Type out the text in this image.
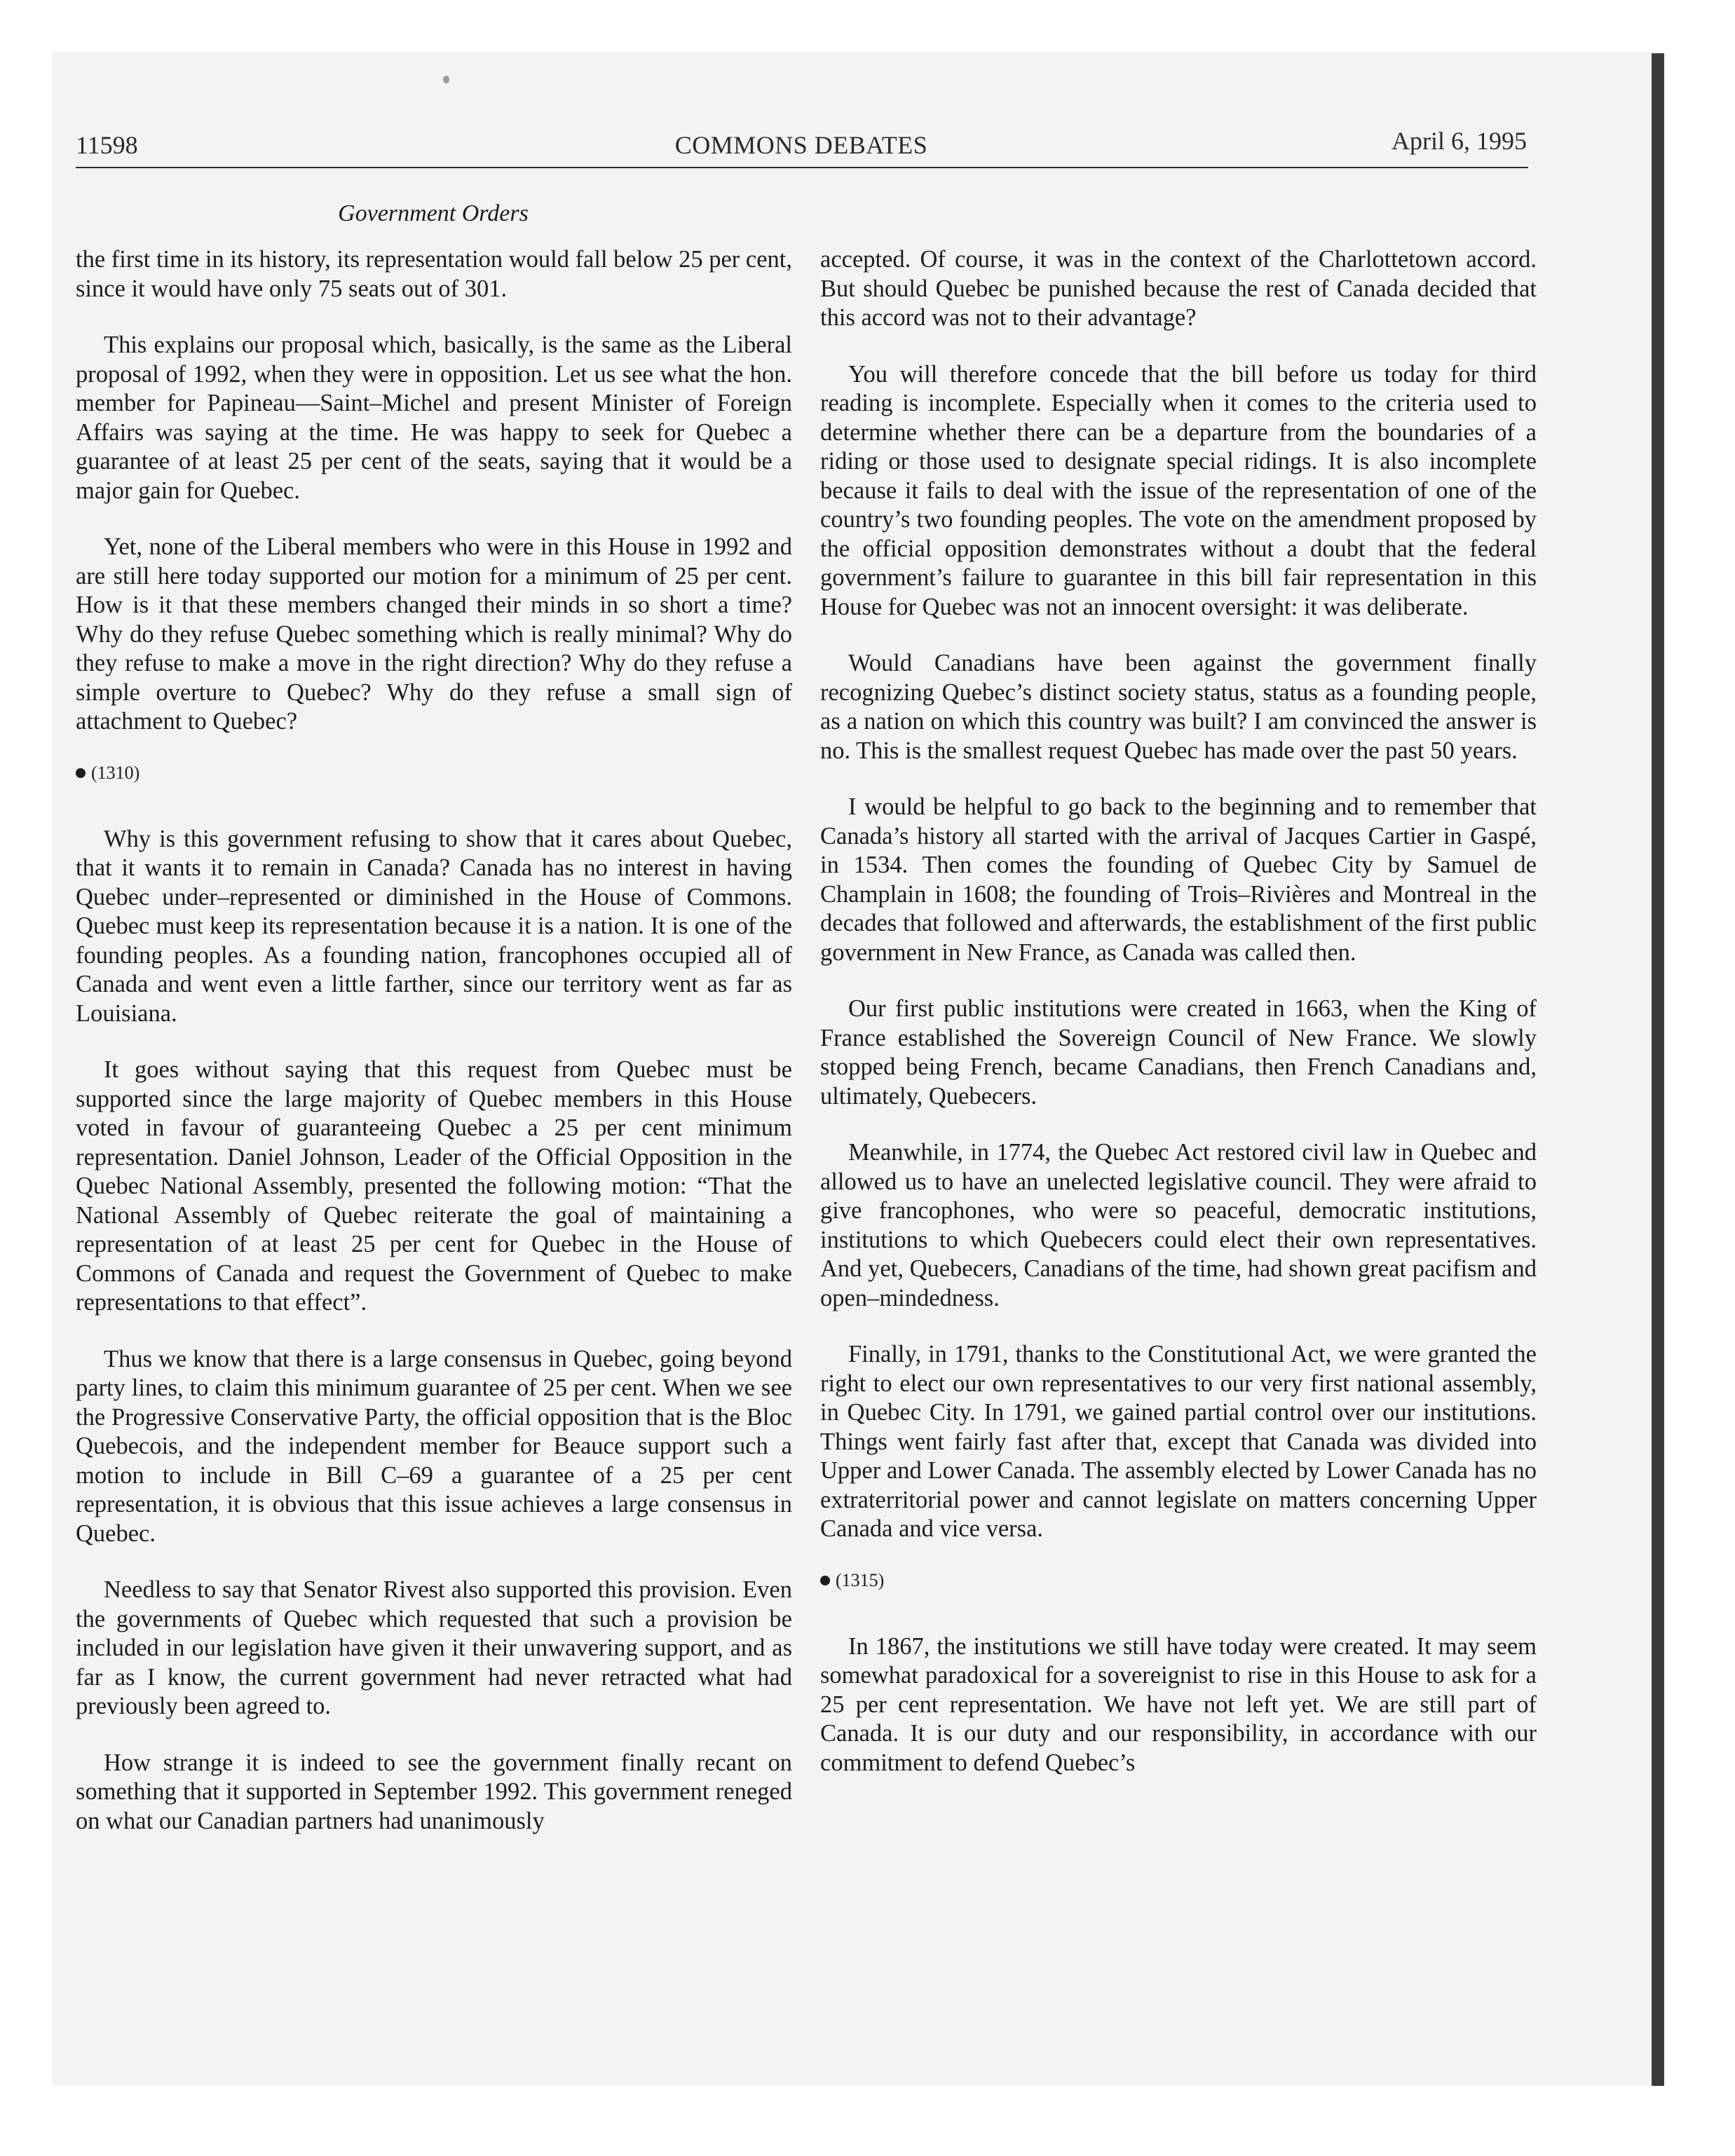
11598	COMMONS DEBATES	April 6, 1995
Government Orders

the first time in its history, its representation would fall below 25 per cent, since it would have only 75 seats out of 301.

This explains our proposal which, basically, is the same as the Liberal proposal of 1992, when they were in opposition. Let us see what the hon. member for Papineau—Saint–Michel and present Minister of Foreign Affairs was saying at the time. He was happy to seek for Quebec a guarantee of at least 25 per cent of the seats, saying that it would be a major gain for Quebec.

Yet, none of the Liberal members who were in this House in 1992 and are still here today supported our motion for a minimum of 25 per cent. How is it that these members changed their minds in so short a time? Why do they refuse Quebec something which is really minimal? Why do they refuse to make a move in the right direction? Why do they refuse a simple overture to Quebec? Why do they refuse a small sign of attachment to Quebec?

(1310)

Why is this government refusing to show that it cares about Quebec, that it wants it to remain in Canada? Canada has no interest in having Quebec under–represented or diminished in the House of Commons. Quebec must keep its representation because it is a nation. It is one of the founding peoples. As a founding nation, francophones occupied all of Canada and went even a little farther, since our territory went as far as Louisiana.

It goes without saying that this request from Quebec must be supported since the large majority of Quebec members in this House voted in favour of guaranteeing Quebec a 25 per cent minimum representation. Daniel Johnson, Leader of the Official Opposition in the Quebec National Assembly, presented the following motion: “That the National Assembly of Quebec reiterate the goal of maintaining a representation of at least 25 per cent for Quebec in the House of Commons of Canada and request the Government of Quebec to make representations to that effect”.

Thus we know that there is a large consensus in Quebec, going beyond party lines, to claim this minimum guarantee of 25 per cent. When we see the Progressive Conservative Party, the official opposition that is the Bloc Quebecois, and the independent member for Beauce support such a motion to include in Bill C–69 a guarantee of a 25 per cent representation, it is obvious that this issue achieves a large consensus in Quebec.

Needless to say that Senator Rivest also supported this provision. Even the governments of Quebec which requested that such a provision be included in our legislation have given it their unwavering support, and as far as I know, the current government had never retracted what had previously been agreed to.

How strange it is indeed to see the government finally recant on something that it supported in September 1992. This government reneged on what our Canadian partners had unanimously

accepted. Of course, it was in the context of the Charlottetown accord. But should Quebec be punished because the rest of Canada decided that this accord was not to their advantage?

You will therefore concede that the bill before us today for third reading is incomplete. Especially when it comes to the criteria used to determine whether there can be a departure from the boundaries of a riding or those used to designate special ridings. It is also incomplete because it fails to deal with the issue of the representation of one of the country’s two founding peoples. The vote on the amendment proposed by the official opposition demonstrates without a doubt that the federal government’s failure to guarantee in this bill fair representation in this House for Quebec was not an innocent oversight: it was deliberate.

Would Canadians have been against the government finally recognizing Quebec’s distinct society status, status as a founding people, as a nation on which this country was built? I am convinced the answer is no. This is the smallest request Quebec has made over the past 50 years.

I would be helpful to go back to the beginning and to remember that Canada’s history all started with the arrival of Jacques Cartier in Gaspé, in 1534. Then comes the founding of Quebec City by Samuel de Champlain in 1608; the founding of Trois–Rivières and Montreal in the decades that followed and afterwards, the establishment of the first public government in New France, as Canada was called then.

Our first public institutions were created in 1663, when the King of France established the Sovereign Council of New France. We slowly stopped being French, became Canadians, then French Canadians and, ultimately, Quebecers.

Meanwhile, in 1774, the Quebec Act restored civil law in Quebec and allowed us to have an unelected legislative council. They were afraid to give francophones, who were so peaceful, democratic institutions, institutions to which Quebecers could elect their own representatives. And yet, Quebecers, Canadians of the time, had shown great pacifism and open–mindedness.

Finally, in 1791, thanks to the Constitutional Act, we were granted the right to elect our own representatives to our very first national assembly, in Quebec City. In 1791, we gained partial control over our institutions. Things went fairly fast after that, except that Canada was divided into Upper and Lower Canada. The assembly elected by Lower Canada has no extraterritorial power and cannot legislate on matters concerning Upper Canada and vice versa.

(1315)

In 1867, the institutions we still have today were created. It may seem somewhat paradoxical for a sovereignist to rise in this House to ask for a 25 per cent representation. We have not left yet. We are still part of Canada. It is our duty and our responsibility, in accordance with our commitment to defend Quebec’s
